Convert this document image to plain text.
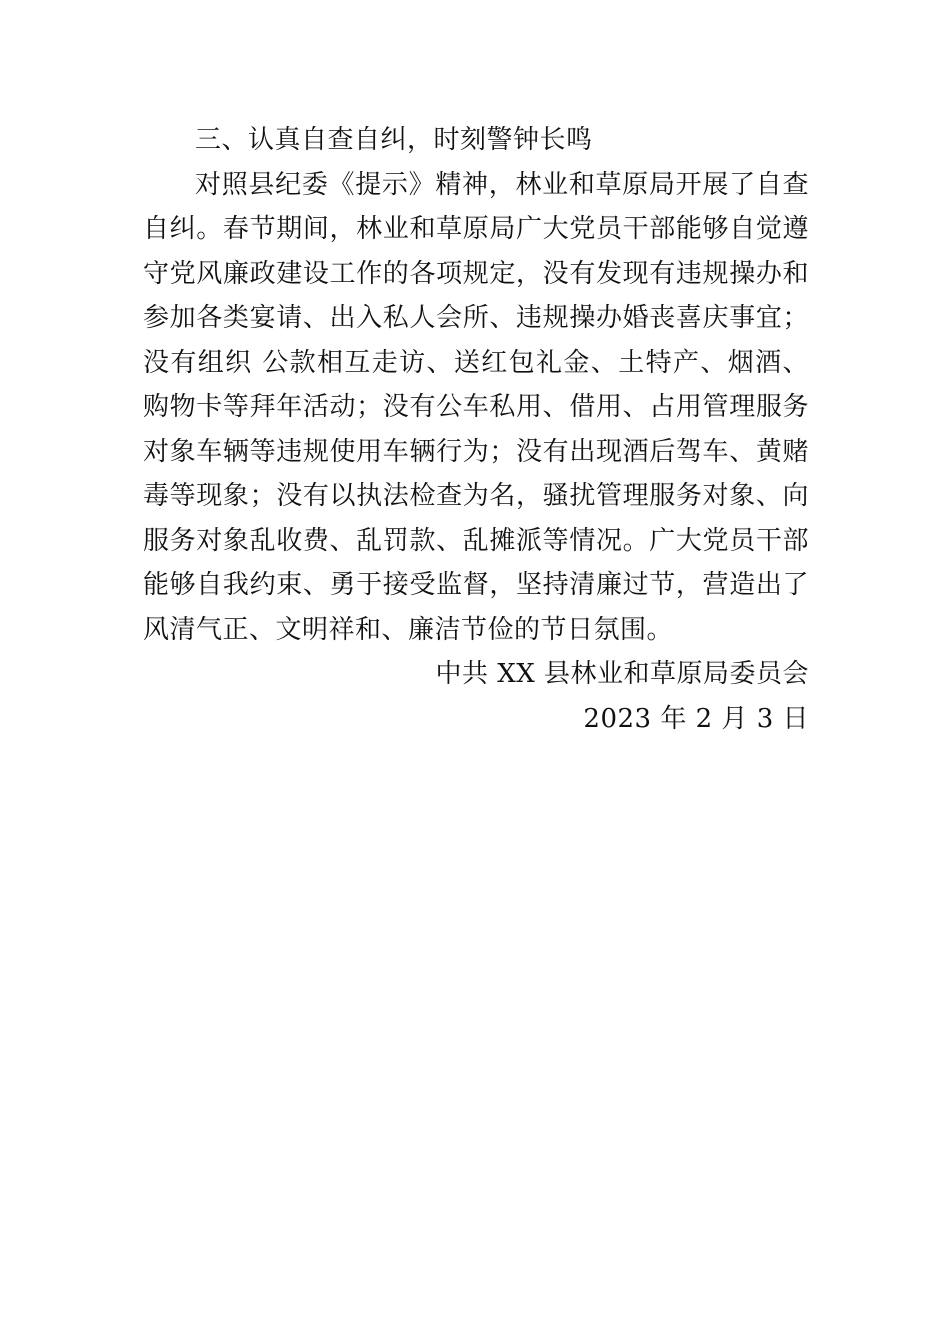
三、认真自查自纠，时刻警钟长鸣

对照县纪委《提示》精神，林业和草原局开展了自查自纠。春节期间，林业和草原局广大党员干部能够自觉遵守党风廉政建设工作的各项规定，没有发现有违规操办和参加各类宴请、出入私人会所、违规操办婚丧喜庆事宜；没有组织 公款相互走访、送红包礼金、土特产、烟酒、购物卡等拜年活动；没有公车私用、借用、占用管理服务对象车辆等违规使用车辆行为；没有出现酒后驾车、黄赌毒等现象；没有以执法检查为名，骚扰管理服务对象、向服务对象乱收费、乱罚款、乱摊派等情况。广大党员干部能够自我约束、勇于接受监督，坚持清廉过节，营造出了风清气正、文明祥和、廉洁节俭的节日氛围。

中共 XX 县林业和草原局委员会

2023 年 2 月 3 日
